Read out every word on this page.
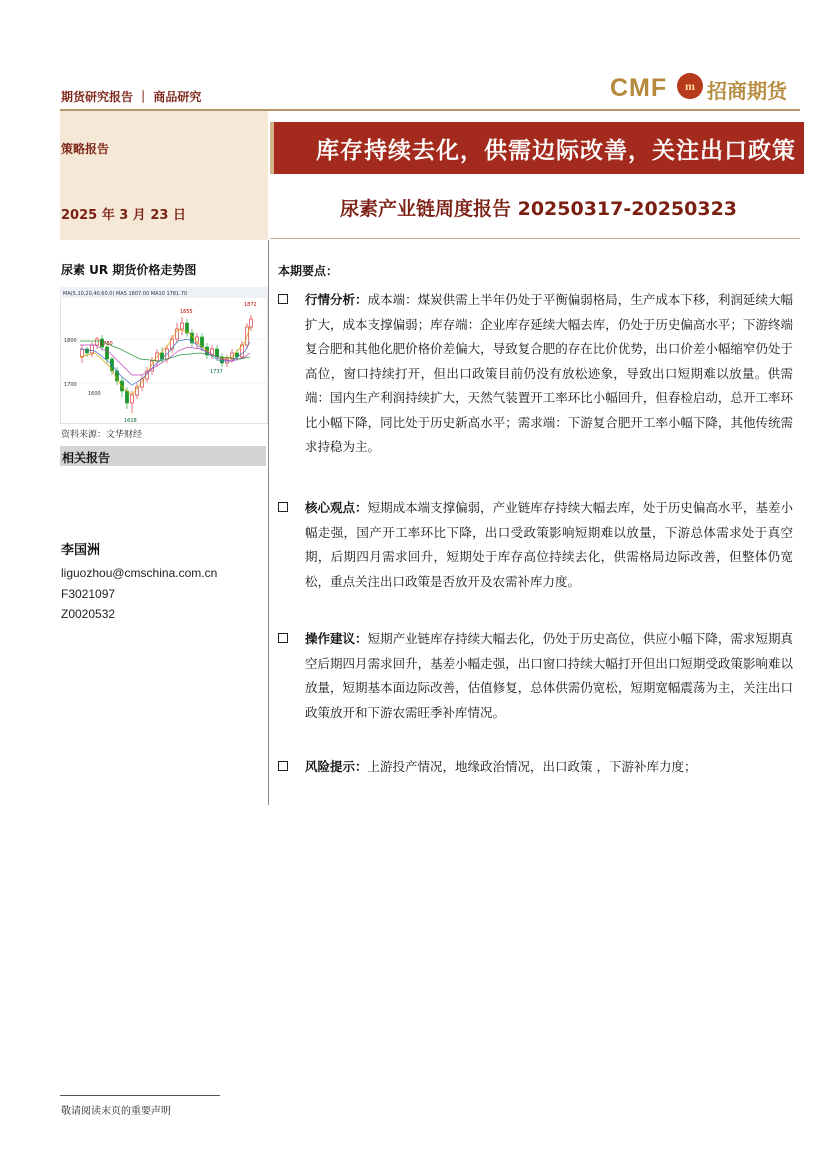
期货研究报告 ｜ 商品研究	CMF	m 招商期货
策略报告
2025 年 3 月 23 日
库存持续去化，供需边际改善，关注出口政策
尿素产业链周度报告 20250317-20250323
尿素 UR 期货价格走势图
MA(5,10,20,40,60,0) MA5 1807.00 MA10 1781.70
1800
1700
1600
1855
1872
1780
1737
1618
资料来源：文华财经
相关报告
李国洲
liguozhou@cmschina.com.cn
F3021097
Z0020532
本期要点：
行情分析：成本端：煤炭供需上半年仍处于平衡偏弱格局，生产成本下移，利润延续大幅扩大，成本支撑偏弱；库存端：企业库存延续大幅去库，仍处于历史偏高水平；下游终端复合肥和其他化肥价格价差偏大，导致复合肥的存在比价优势，出口价差小幅缩窄仍处于高位，窗口持续打开，但出口政策目前仍没有放松迹象，导致出口短期难以放量。供需端：国内生产利润持续扩大，天然气装置开工率环比小幅回升，但春检启动，总开工率环比小幅下降，同比处于历史新高水平；需求端：下游复合肥开工率小幅下降，其他传统需求持稳为主。
核心观点：短期成本端支撑偏弱，产业链库存持续大幅去库，处于历史偏高水平，基差小幅走强，国产开工率环比下降，出口受政策影响短期难以放量，下游总体需求处于真空期，后期四月需求回升，短期处于库存高位持续去化，供需格局边际改善，但整体仍宽松，重点关注出口政策是否放开及农需补库力度。
操作建议：短期产业链库存持续大幅去化，仍处于历史高位，供应小幅下降，需求短期真空后期四月需求回升，基差小幅走强，出口窗口持续大幅打开但出口短期受政策影响难以放量，短期基本面边际改善，估值修复，总体供需仍宽松，短期宽幅震荡为主，关注出口政策放开和下游农需旺季补库情况。
风险提示：上游投产情况，地缘政治情况，出口政策 ，下游补库力度；
敬请阅读末页的重要声明
